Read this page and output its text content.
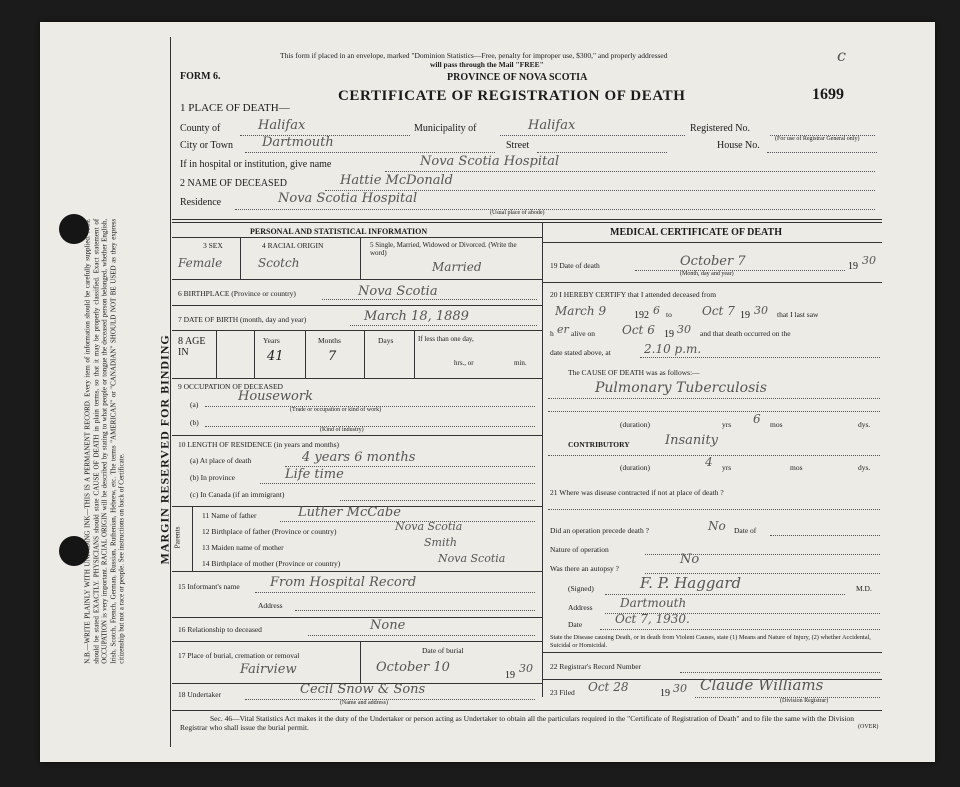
MARGIN RESERVED FOR BINDING
N.B.—WRITE PLAINLY WITH UNFADING INK—THIS IS A PERMANENT RECORD. Every item of information should be carefully supplied. AGE should be stated EXACTLY. PHYSICIANS should state CAUSE OF DEATH in plain terms, so that it may be properly classified. Exact statement of OCCUPATION is very important. RACIAL ORIGIN will be described by stating to what people or tongue the deceased person belonged, whether English, Irish, Scotch, French, German, Russian, Ruthenian, Hebrew, etc. The terms "AMERICAN" or "CANADIAN" SHOULD NOT BE USED as they express citizenship but not a race or people. See instructions on back of Certificate.
This form if placed in an envelope, marked "Dominion Statistics—Free, penalty for improper use, $300," and properly addressed
will pass through the Mail "FREE"
PROVINCE OF NOVA SCOTIA
FORM 6.
CERTIFICATE OF REGISTRATION OF DEATH	1699
c
1 PLACE OF DEATH—
County of	Halifax	Municipality of	Halifax	Registered No.
(For use of Registrar General only)
City or Town Dartmouth	Street	House No.
If in hospital or institution, give name	Nova Scotia Hospital
2 NAME OF DECEASED	Hattie McDonald
Residence	Nova Scotia Hospital
(Usual place of abode)
PERSONAL AND STATISTICAL INFORMATION
3 SEX
Female
4 RACIAL ORIGIN
Scotch
5 Single, Married, Widowed or Divorced. (Write the word)
Married
6 BIRTHPLACE (Province or country)	Nova Scotia
7 DATE OF BIRTH (month, day and year)	March 18, 1889
8 AGE IN
Years
41
Months
7
Days	If less than one day,
hrs., or	min.
9 OCCUPATION OF DECEASED
(a)
Housework
(Trade or occupation or kind of work)
(b)
(Kind of industry)
10 LENGTH OF RESIDENCE (in years and months)
(a) At place of death	4 years 6 months
(b) In province	Life time
(c) In Canada (if an immigrant)
Parents
11 Name of father	Luther McCabe
12 Birthplace of father (Province or country)	Nova Scotia
13 Maiden name of mother	Smith
14 Birthplace of mother (Province or country)	Nova Scotia
15 Informant's name From Hospital Record
Address
16 Relationship to deceased	None
17 Place of burial, cremation or removal
Fairview
Date of burial
October 10
19
30
18 Undertaker	Cecil Snow & Sons
(Name and address)
MEDICAL CERTIFICATE OF DEATH
19 Date of death	October 7
(Month, day and year)
19 30
20 I HEREBY CERTIFY that I attended deceased from
March 9	192 6 to	Oct 7 19 30 that I last saw
h er alive on Oct 6 19 30 and that death occurred on the
date stated above, at	2.10 p.m.
The CAUSE OF DEATH was as follows:—
Pulmonary Tuberculosis
(duration)	6
yrs	mos	dys.
CONTRIBUTORY	Insanity
(duration)	4 yrs	mos	dys.
21 Where was disease contracted if not at place of death ?
Did an operation precede death ?	No Date of
Nature of operation
Was there an autopsy ?
No
(Signed)	F. P. Haggard	M.D.
Address Dartmouth
Date	Oct 7, 1930.
State the Disease causing Death, or in death from Violent Causes, state (1) Means and Nature of Injury, (2) whether Accidental, Suicidal or Homicidal.
22 Registrar's Record Number
23 Filed Oct 28	19 30 Claude Williams
(Division Registrar)
Sec. 46—Vital Statistics Act makes it the duty of the Undertaker or person acting as Undertaker to obtain all the particulars required in the "Certificate of Registration of Death" and to file the same with the Division Registrar who shall issue the burial permit.	(OVER)
